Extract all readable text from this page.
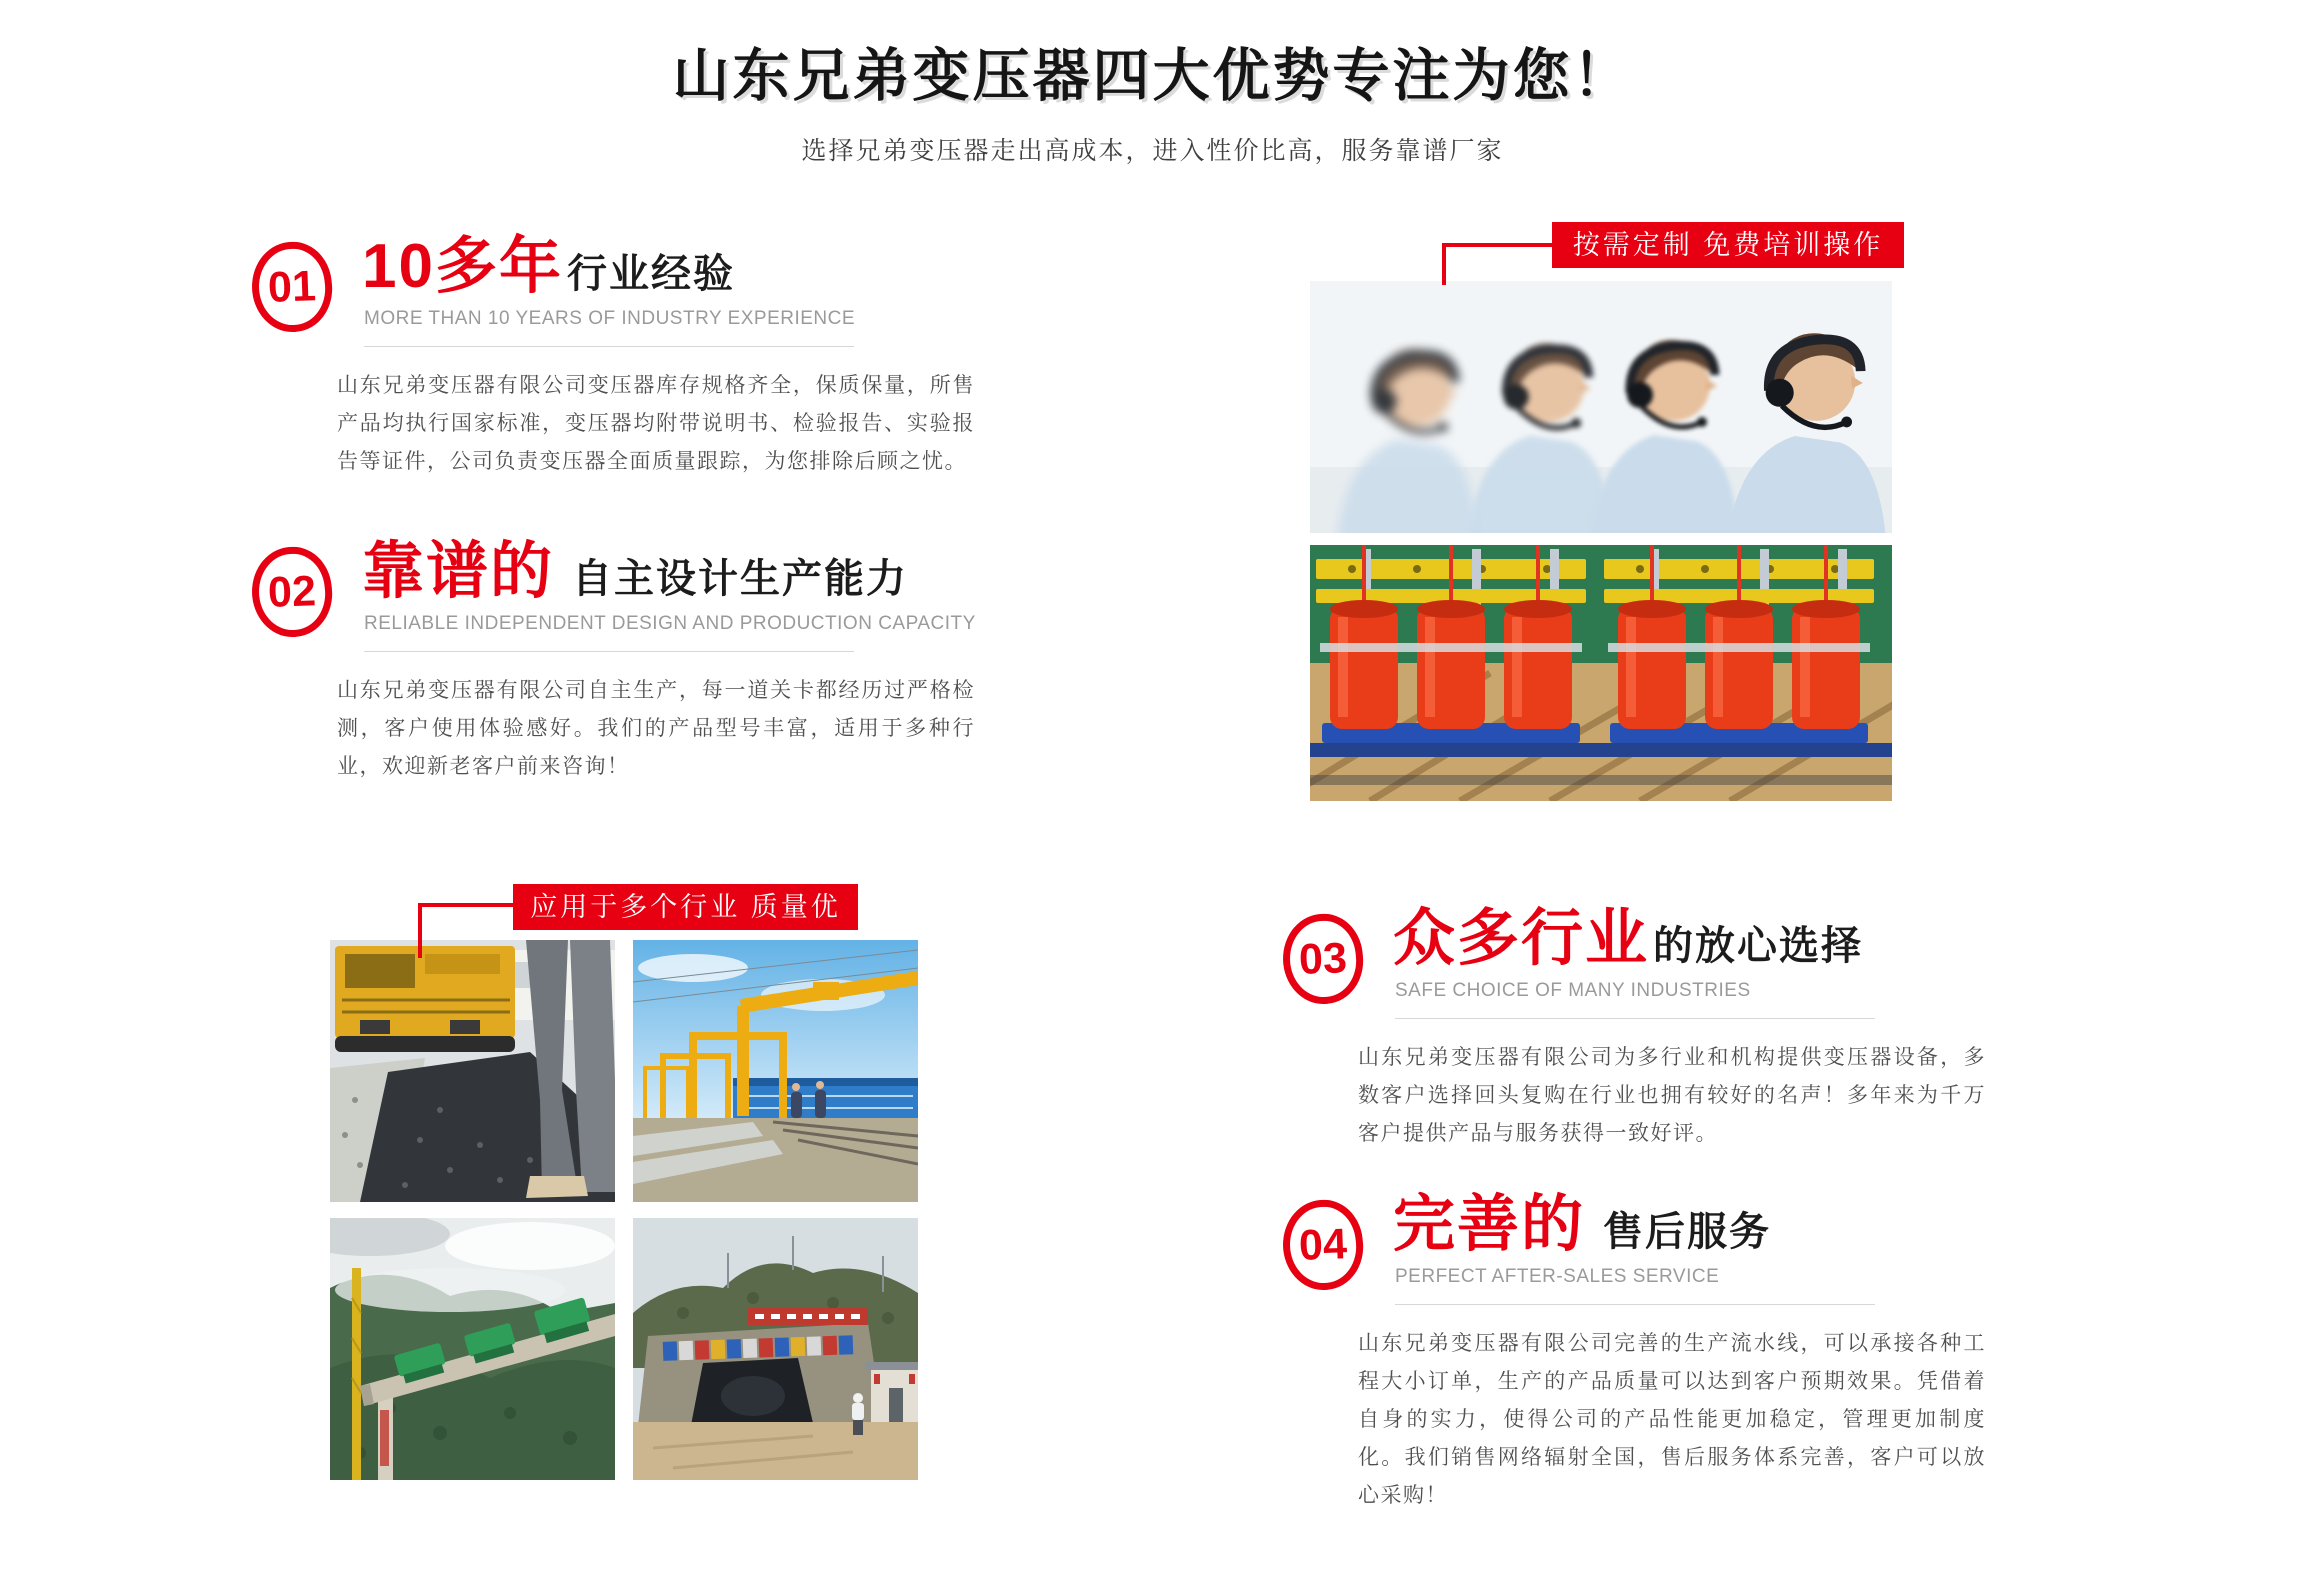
山东兄弟变压器四大优势专注为您！

选择兄弟变压器走出高成本，进入性价比高，服务靠谱厂家

01 10多年 行业经验
MORE THAN 10 YEARS OF INDUSTRY EXPERIENCE

山东兄弟变压器有限公司变压器库存规格齐全，保质保量，所售产品均执行国家标准，变压器均附带说明书、检验报告、实验报告等证件，公司负责变压器全面质量跟踪，为您排除后顾之忧。

02 靠谱的 自主设计生产能力
RELIABLE INDEPENDENT DESIGN AND PRODUCTION CAPACITY

山东兄弟变压器有限公司自主生产，每一道关卡都经历过严格检测，客户使用体验感好。我们的产品型号丰富，适用于多种行业，欢迎新老客户前来咨询！

03 众多行业 的放心选择
SAFE CHOICE OF MANY INDUSTRIES

山东兄弟变压器有限公司为多行业和机构提供变压器设备，多数客户选择回头复购在行业也拥有较好的名声！多年来为千万客户提供产品与服务获得一致好评。

04 完善的 售后服务
PERFECT AFTER-SALES SERVICE

山东兄弟变压器有限公司完善的生产流水线，可以承接各种工程大小订单，生产的产品质量可以达到客户预期效果。凭借着自身的实力，使得公司的产品性能更加稳定，管理更加制度化。我们销售网络辐射全国，售后服务体系完善，客户可以放心采购！

按需定制 免费培训操作
应用于多个行业 质量优
